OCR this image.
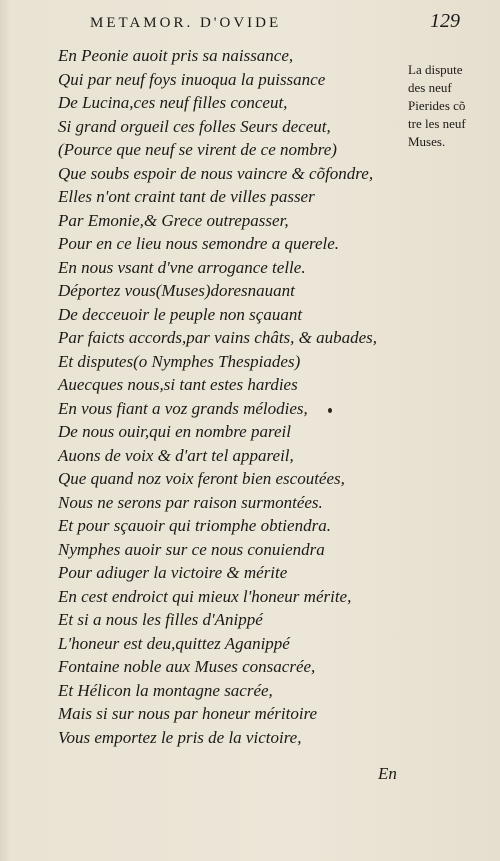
METAMOR. D'OVIDE	129
En Peonie auoit pris sa naissance,
Qui par neuf foys inuoqua la puissance
De Lucina,ces neuf filles conceut,
Si grand orgueil ces folles Seurs deceut,
(Pource que neuf se virent de ce nombre)
Que soubs espoir de nous vaincre & cõfondre,
Elles n'ont craint tant de villes passer
Par Emonie,& Grece outrepasser,
Pour en ce lieu nous semondre a querele.
En nous vsant d'vne arrogance telle.
Déportez vous(Muses)doresnauant
De decceuoir le peuple non sçauant
Par faicts accords,par vains châts, & aubades,
Et disputes(o Nymphes Thespiades)
Auecques nous,si tant estes hardies
En vous fiant a voz grands mélodies,
De nous ouir,qui en nombre pareil
Auons de voix & d'art tel appareil,
Que quand noz voix feront bien escoutées,
Nous ne serons par raison surmontées.
Et pour sçauoir qui triomphe obtiendra.
Nymphes auoir sur ce nous conuiendra
Pour adiuger la victoire & mérite
En cest endroict qui mieux l'honeur mérite,
Et si a nous les filles d'Anippé
L'honeur est deu,quittez Aganippé
Fontaine noble aux Muses consacrée,
Et Hélicon la montagne sacrée,
Mais si sur nous par honeur méritoire
Vous emportez le pris de la victoire,
La dispute
des neuf
Pierides cõ
tre les neuf
Muses.
En
